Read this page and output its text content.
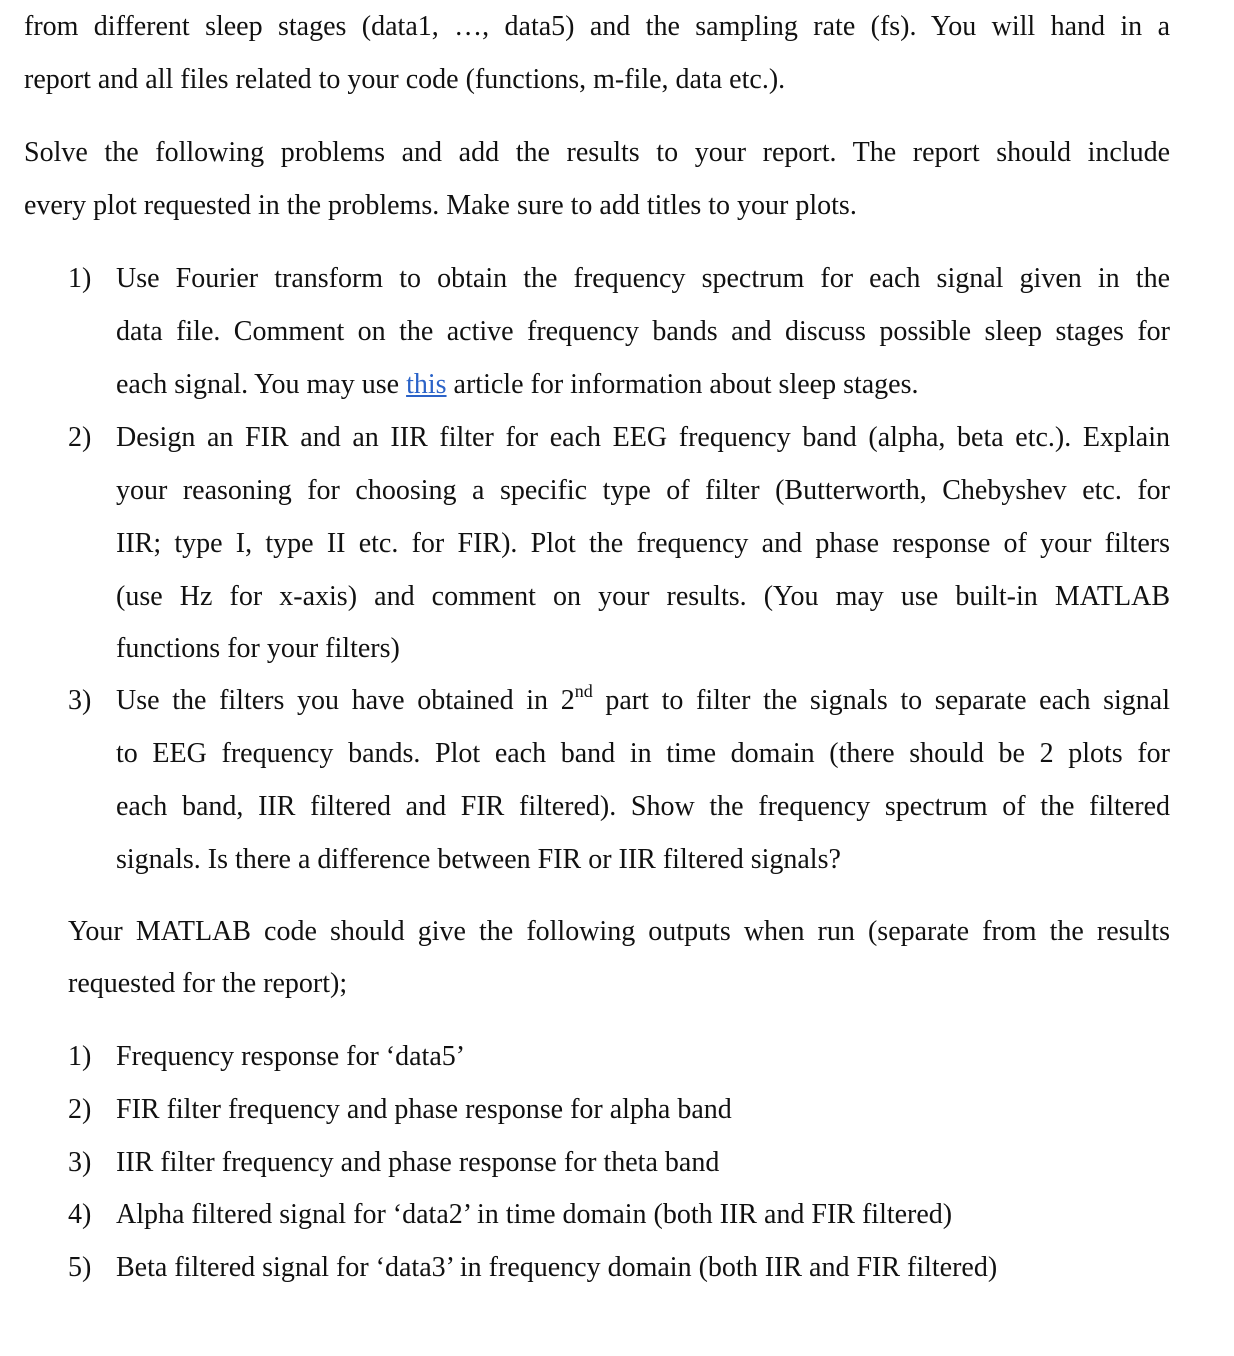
from different sleep stages (data1, …, data5) and the sampling rate (fs). You will hand in a
report and all files related to your code (functions, m-file, data etc.).
Solve the following problems and add the results to your report. The report should include
every plot requested in the problems. Make sure to add titles to your plots.
1) Use Fourier transform to obtain the frequency spectrum for each signal given in the
data file. Comment on the active frequency bands and discuss possible sleep stages for
each signal. You may use this article for information about sleep stages.
2) Design an FIR and an IIR filter for each EEG frequency band (alpha, beta etc.). Explain
your reasoning for choosing a specific type of filter (Butterworth, Chebyshev etc. for
IIR; type I, type II etc. for FIR). Plot the frequency and phase response of your filters
(use Hz for x-axis) and comment on your results. (You may use built-in MATLAB
functions for your filters)
3) Use the filters you have obtained in 2nd part to filter the signals to separate each signal
to EEG frequency bands. Plot each band in time domain (there should be 2 plots for
each band, IIR filtered and FIR filtered). Show the frequency spectrum of the filtered
signals. Is there a difference between FIR or IIR filtered signals?
Your MATLAB code should give the following outputs when run (separate from the results
requested for the report);
1) Frequency response for ‘data5’
2) FIR filter frequency and phase response for alpha band
3) IIR filter frequency and phase response for theta band
4) Alpha filtered signal for ‘data2’ in time domain (both IIR and FIR filtered)
5) Beta filtered signal for ‘data3’ in frequency domain (both IIR and FIR filtered)
